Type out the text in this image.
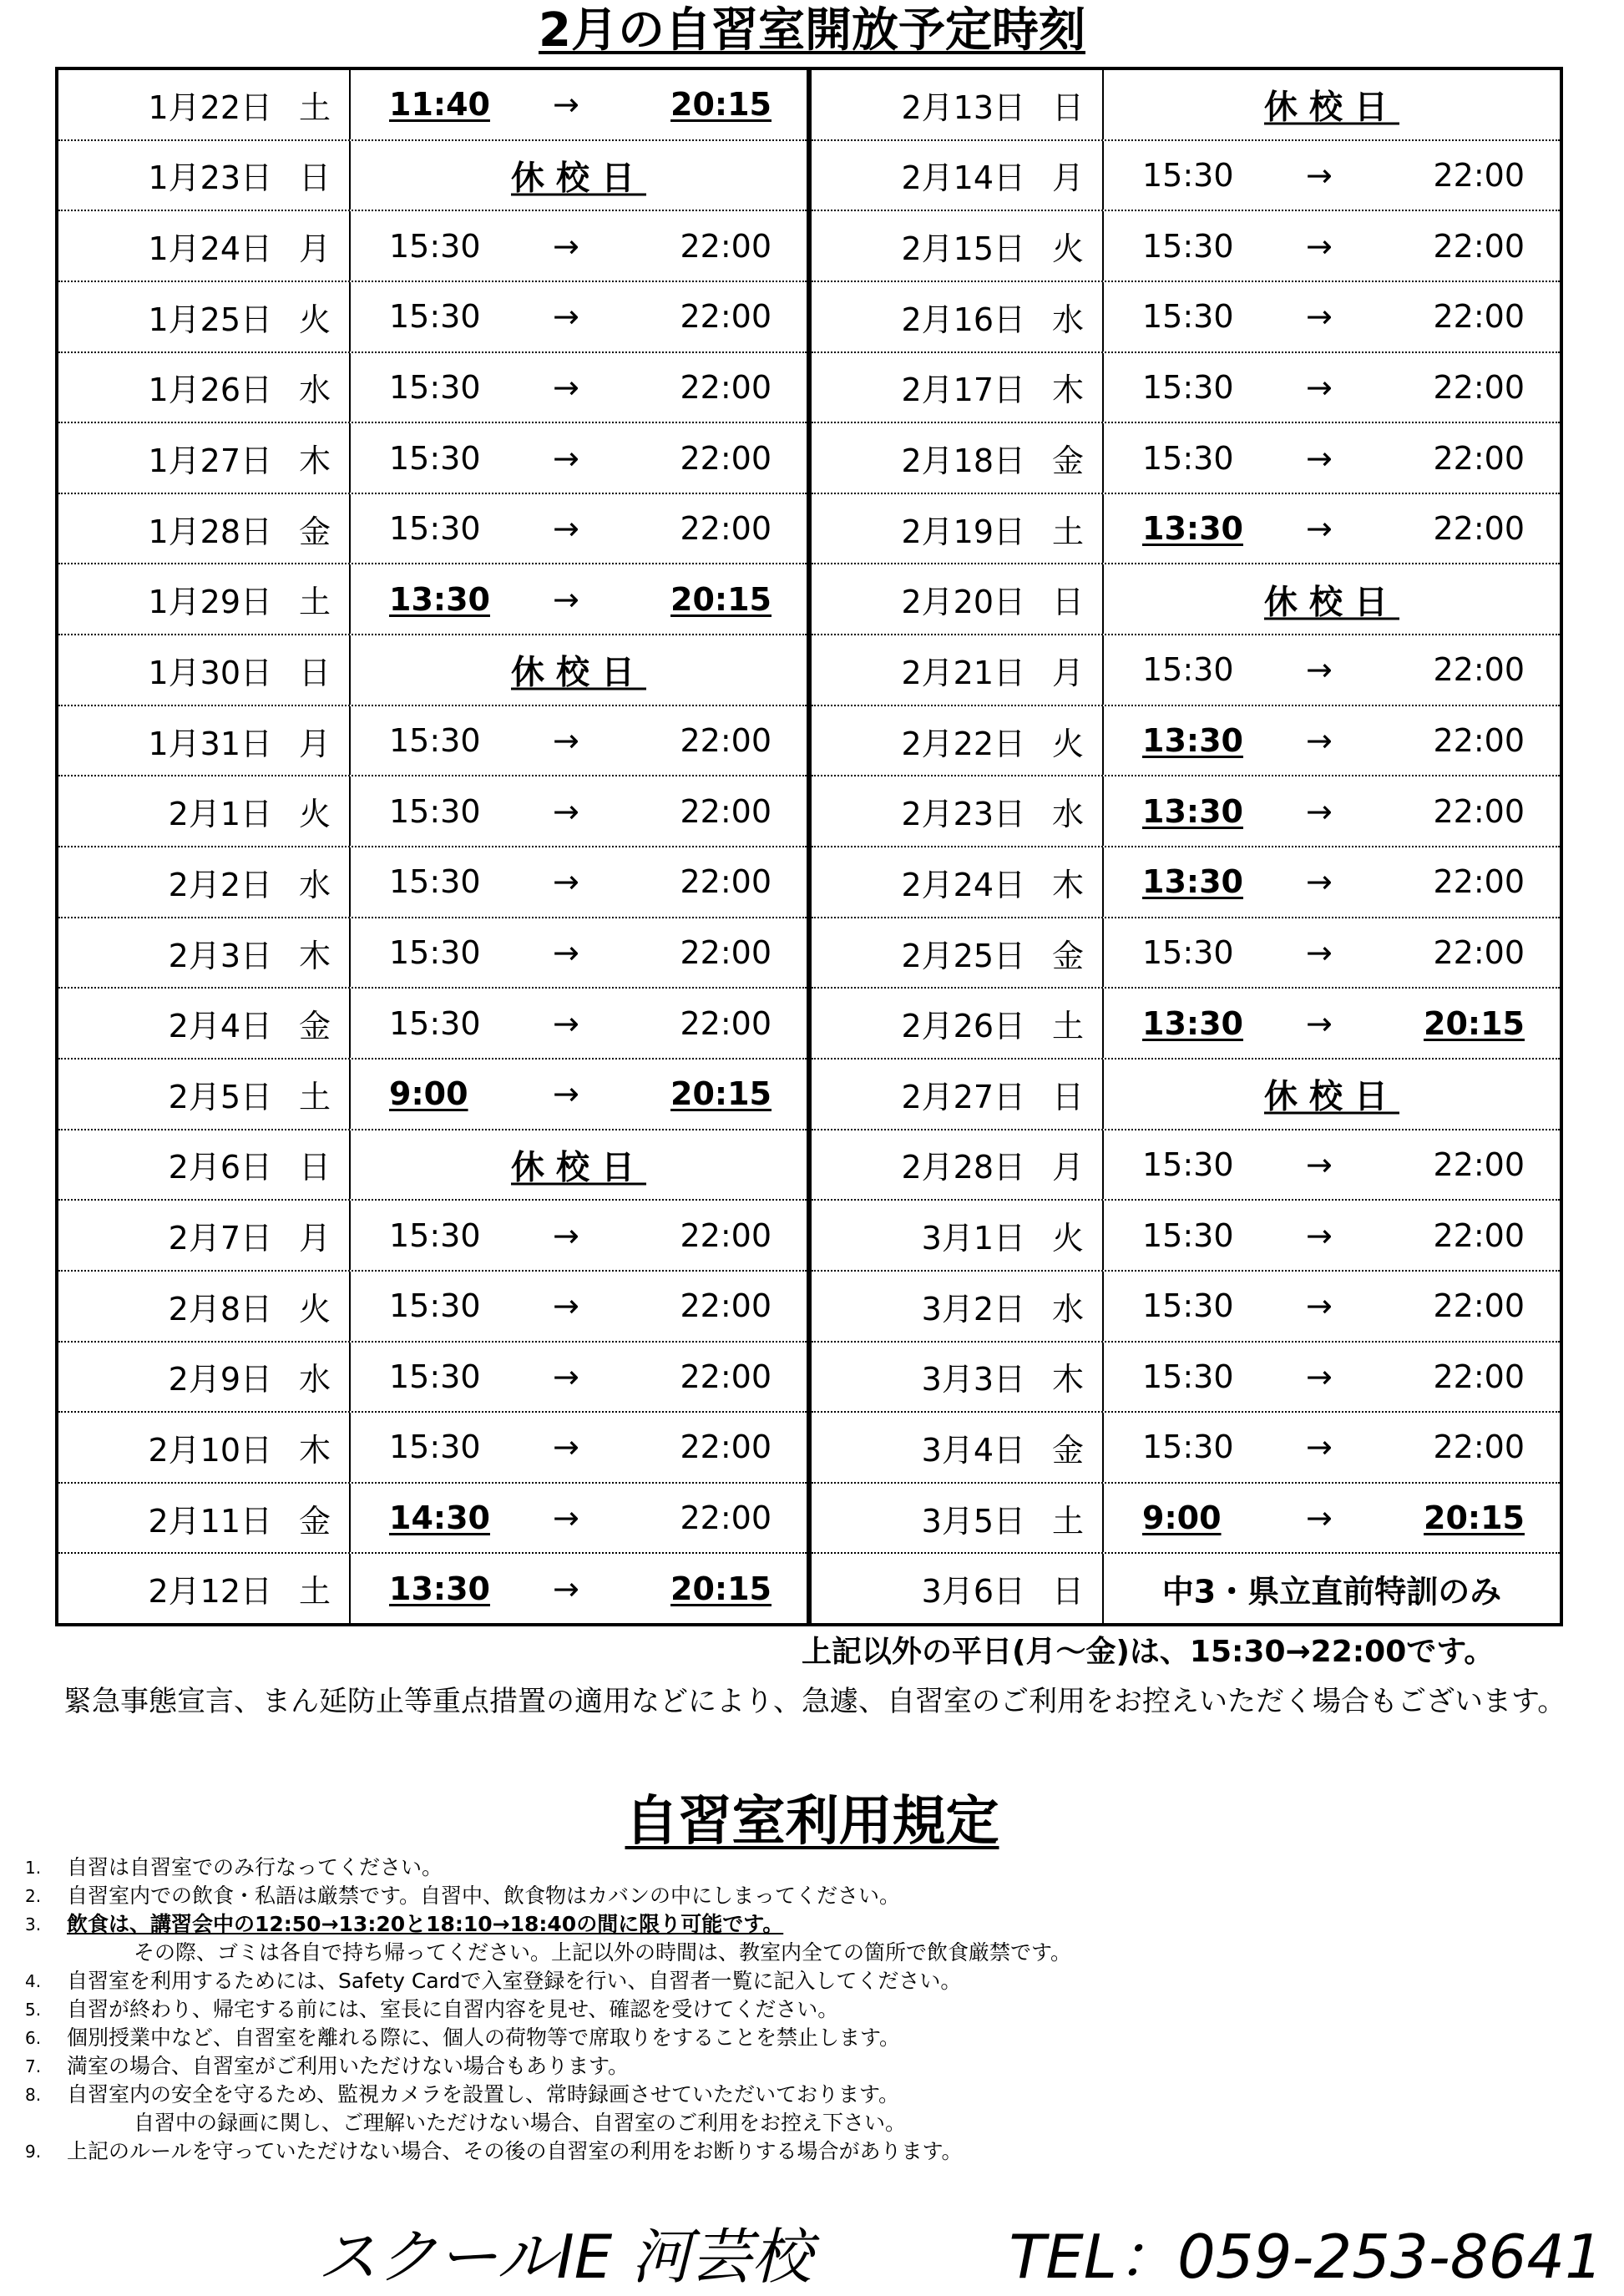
2月の自習室開放予定時刻
1月22日 土 11:40 →	20:15
1月23日 日	休校日
1月24日 月 15:30 →	22:00
1月25日 火 15:30 →	22:00
1月26日 水 15:30 →	22:00
1月27日 木 15:30 →	22:00
1月28日 金 15:30 →	22:00
1月29日 土 13:30 →	20:15
1月30日 日	休校日
1月31日 月 15:30 →	22:00
2月1日 火 15:30 →	22:00
2月2日 水 15:30 →	22:00
2月3日 木 15:30 →	22:00
2月4日 金 15:30 →	22:00
2月5日 土 9:00	→	20:15
2月6日 日	休校日
2月7日 月 15:30 →	22:00
2月8日 火 15:30 →	22:00
2月9日 水 15:30 →	22:00
2月10日 木 15:30 →	22:00
2月11日 金 14:30 →	22:00
2月12日 土 13:30 →	20:15
2月13日 日	休校日
2月14日 月 15:30 →	22:00
2月15日 火 15:30 →	22:00
2月16日 水 15:30 →	22:00
2月17日 木 15:30 →	22:00
2月18日 金 15:30 →	22:00
2月19日 土 13:30 →	22:00
2月20日 日	休校日
2月21日 月 15:30 →	22:00
2月22日 火 13:30 →	22:00
2月23日 水 13:30 →	22:00
2月24日 木 13:30 →	22:00
2月25日 金 15:30 →	22:00
2月26日 土 13:30 →	20:15
2月27日 日	休校日
2月28日 月 15:30 →	22:00
3月1日 火 15:30 →	22:00
3月2日 水 15:30 →	22:00
3月3日 木 15:30 →	22:00
3月4日 金 15:30 →	22:00
3月5日 土 9:00	→	20:15
3月6日 日	中3・県立直前特訓のみ
上記以外の平日(月～金)は、15:30→22:00です。
緊急事態宣言、まん延防止等重点措置の適用などにより、急遽、自習室のご利用をお控えいただく場合もございます。
自習室利用規定
1.	自習は自習室でのみ行なってください。
2.	自習室内での飲食・私語は厳禁です。自習中、飲食物はカバンの中にしまってください。
3.	飲食は、講習会中の12:50→13:20と18:10→18:40の間に限り可能です。
その際、ゴミは各自で持ち帰ってください。上記以外の時間は、教室内全ての箇所で飲食厳禁です。
4.	自習室を利用するためには、Safety Cardで入室登録を行い、自習者一覧に記入してください。
5.	自習が終わり、帰宅する前には、室長に自習内容を見せ、確認を受けてください。
6.	個別授業中など、自習室を離れる際に、個人の荷物等で席取りをすることを禁止します。
7.	満室の場合、自習室がご利用いただけない場合もあります。
8.	自習室内の安全を守るため、監視カメラを設置し、常時録画させていただいております。
自習中の録画に関し、ご理解いただけない場合、自習室のご利用をお控え下さい。
9.	上記のルールを守っていただけない場合、その後の自習室の利用をお断りする場合があります。
スクールIE 河芸校	TEL：059-253-8641
